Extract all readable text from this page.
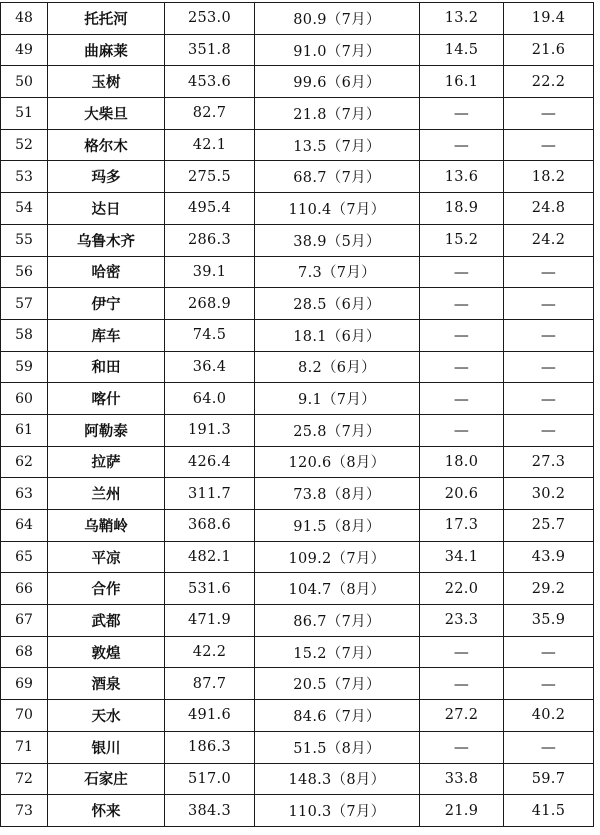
48	托托河	253.0	80.9（7月）	13.2	19.4
49	曲麻莱	351.8	91.0（7月）	14.5	21.6
50	玉树	453.6	99.6（6月）	16.1	22.2
51	大柴旦	82.7	21.8（7月）	—	—
52	格尔木	42.1	13.5（7月）	—	—
53	玛多	275.5	68.7（7月）	13.6	18.2
54	达日	495.4	110.4（7月）	18.9	24.8
55	乌鲁木齐	286.3	38.9（5月）	15.2	24.2
56	哈密	39.1	7.3（7月）	—	—
57	伊宁	268.9	28.5（6月）	—	—
58	库车	74.5	18.1（6月）	—	—
59	和田	36.4	8.2（6月）	—	—
60	喀什	64.0	9.1（7月）	—	—
61	阿勒泰	191.3	25.8（7月）	—	—
62	拉萨	426.4	120.6（8月）	18.0	27.3
63	兰州	311.7	73.8（8月）	20.6	30.2
64	乌鞘岭	368.6	91.5（8月）	17.3	25.7
65	平凉	482.1	109.2（7月）	34.1	43.9
66	合作	531.6	104.7（8月）	22.0	29.2
67	武都	471.9	86.7（7月）	23.3	35.9
68	敦煌	42.2	15.2（7月）	—	—
69	酒泉	87.7	20.5（7月）	—	—
70	天水	491.6	84.6（7月）	27.2	40.2
71	银川	186.3	51.5（8月）	—	—
72	石家庄	517.0	148.3（8月）	33.8	59.7
73	怀来	384.3	110.3（7月）	21.9	41.5
